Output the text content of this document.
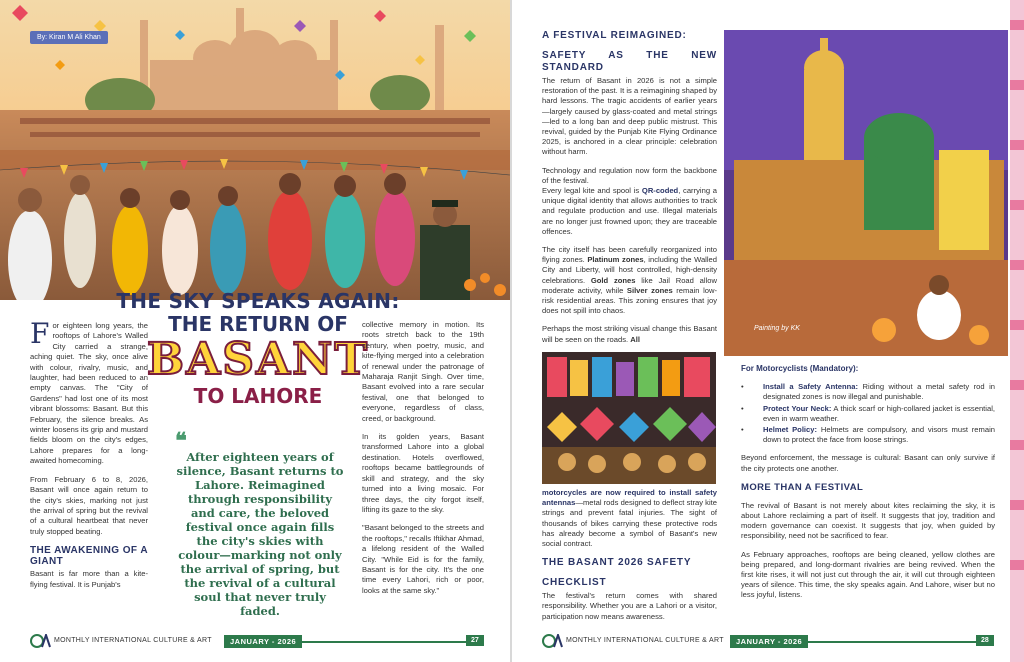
By: Kiran M Ali Khan
THE SKY SPEAKS AGAIN:
THE RETURN OF
BASANT
TO LAHORE

For eighteen long years, the rooftops of Lahore's Walled City carried a strange, aching quiet. The sky, once alive with colour, rivalry, music, and laughter, had been reduced to an empty canvas. The "City of Gardens" had lost one of its most vibrant blossoms: Basant. But this February, the silence breaks. As winter loosens its grip and mustard fields bloom on the city's edges, Lahore prepares for a long-awaited homecoming.

From February 6 to 8, 2026, Basant will once again return to the city's skies, marking not just the arrival of spring but the revival of a cultural heartbeat that never truly stopped beating.

THE AWAKENING OF A GIANT

Basant is far more than a kite-flying festival. It is Punjab's

❝

After eighteen years of silence, Basant returns to Lahore. Reimagined through responsibility and care, the beloved festival once again fills the city's skies with colour—marking not only the arrival of spring, but the revival of a cultural soul that never truly faded.

collective memory in motion. Its roots stretch back to the 19th century, when poetry, music, and kite-flying merged into a celebration of renewal under the patronage of Maharaja Ranjit Singh. Over time, Basant evolved into a rare secular festival, one that belonged to everyone, regardless of class, creed, or background.

In its golden years, Basant transformed Lahore into a global destination. Hotels overflowed, rooftops became battlegrounds of skill and strategy, and the sky turned into a living mosaic. For three days, the city forgot itself, lifting its gaze to the sky.

"Basant belonged to the streets and the rooftops," recalls Iftikhar Ahmad, a lifelong resident of the Walled City. "While Eid is for the family, Basant is for the city. It's the one time every Lahori, rich or poor, looks at the same sky."

MONTHLY INTERNATIONAL CULTURE & ART	JANUARY - 2026	27

A FESTIVAL REIMAGINED:

SAFETY AS THE NEW STANDARD

The return of Basant in 2026 is not a simple restoration of the past. It is a reimagining shaped by hard lessons. The tragic accidents of earlier years—largely caused by glass-coated and metal strings—led to a long ban and deep public mistrust. This revival, guided by the Punjab Kite Flying Ordinance 2025, is anchored in a clear principle: celebration without harm.

Technology and regulation now form the backbone of the festival.

Every legal kite and spool is QR-coded, carrying a unique digital identity that allows authorities to track and regulate production and use. Illegal materials are no longer just frowned upon; they are traceable offences.

The city itself has been carefully reorganized into flying zones. Platinum zones, including the Walled City and Liberty, will host controlled, high-density celebrations. Gold zones like Jail Road allow moderate activity, while Silver zones remain low-risk residential areas. This zoning ensures that joy does not spill into chaos.

Perhaps the most striking visual change this Basant will be seen on the roads. All

motorcycles are now required to install safety antennas—metal rods designed to deflect stray kite strings and prevent fatal injuries. The sight of thousands of bikes carrying these protective rods has already become a symbol of Basant's new social contract.

THE BASANT 2026 SAFETY

CHECKLIST

The festival's return comes with shared responsibility. Whether you are a Lahori or a visitor, participation now means awareness.

Painting by KK

For Motorcyclists (Mandatory):

• Install a Safety Antenna: Riding without a metal safety rod in designated zones is now illegal and punishable.
• Protect Your Neck: A thick scarf or high-collared jacket is essential, even in warm weather.
• Helmet Policy: Helmets are compulsory, and visors must remain down to protect the face from loose strings.

Beyond enforcement, the message is cultural: Basant can only survive if the city protects one another.

MORE THAN A FESTIVAL

The revival of Basant is not merely about kites reclaiming the sky, it is about Lahore reclaiming a part of itself. It suggests that joy, tradition and modern governance can coexist. It suggests that joy, when guided by responsibility, need not be sacrificed to fear.

As February approaches, rooftops are being cleaned, yellow clothes are being prepared, and long-dormant rivalries are being revived. When the first kite rises, it will not just cut through the air, it will cut through eighteen years of silence. This time, the sky speaks again. And Lahore, wiser but no less joyful, listens.

MONTHLY INTERNATIONAL CULTURE & ART	JANUARY - 2026	28
